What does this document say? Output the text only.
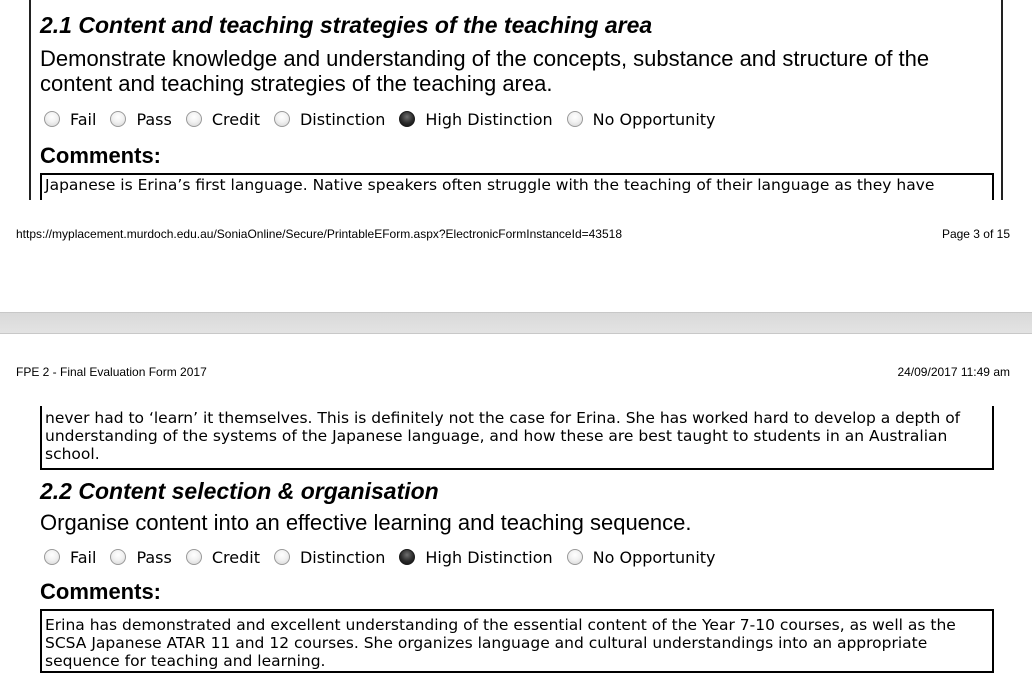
2.1 Content and teaching strategies of the teaching area
Demonstrate knowledge and understanding of the concepts, substance and structure of the content and teaching strategies of the teaching area.
Fail	Pass	Credit	Distinction	High Distinction	No Opportunity
Comments:
Japanese is Erina’s first language. Native speakers often struggle with the teaching of their language as they have
https://myplacement.murdoch.edu.au/SoniaOnline/Secure/PrintableEForm.aspx?ElectronicFormInstanceId=43518	Page 3 of 15
FPE 2 - Final Evaluation Form 2017	24/09/2017 11:49 am
never had to ‘learn’ it themselves. This is definitely not the case for Erina. She has worked hard to develop a depth of understanding of the systems of the Japanese language, and how these are best taught to students in an Australian school.
2.2 Content selection & organisation
Organise content into an effective learning and teaching sequence.
Fail	Pass	Credit	Distinction	High Distinction	No Opportunity
Comments:
Erina has demonstrated and excellent understanding of the essential content of the Year 7-10 courses, as well as the SCSA Japanese ATAR 11 and 12 courses. She organizes language and cultural understandings into an appropriate sequence for teaching and learning.
